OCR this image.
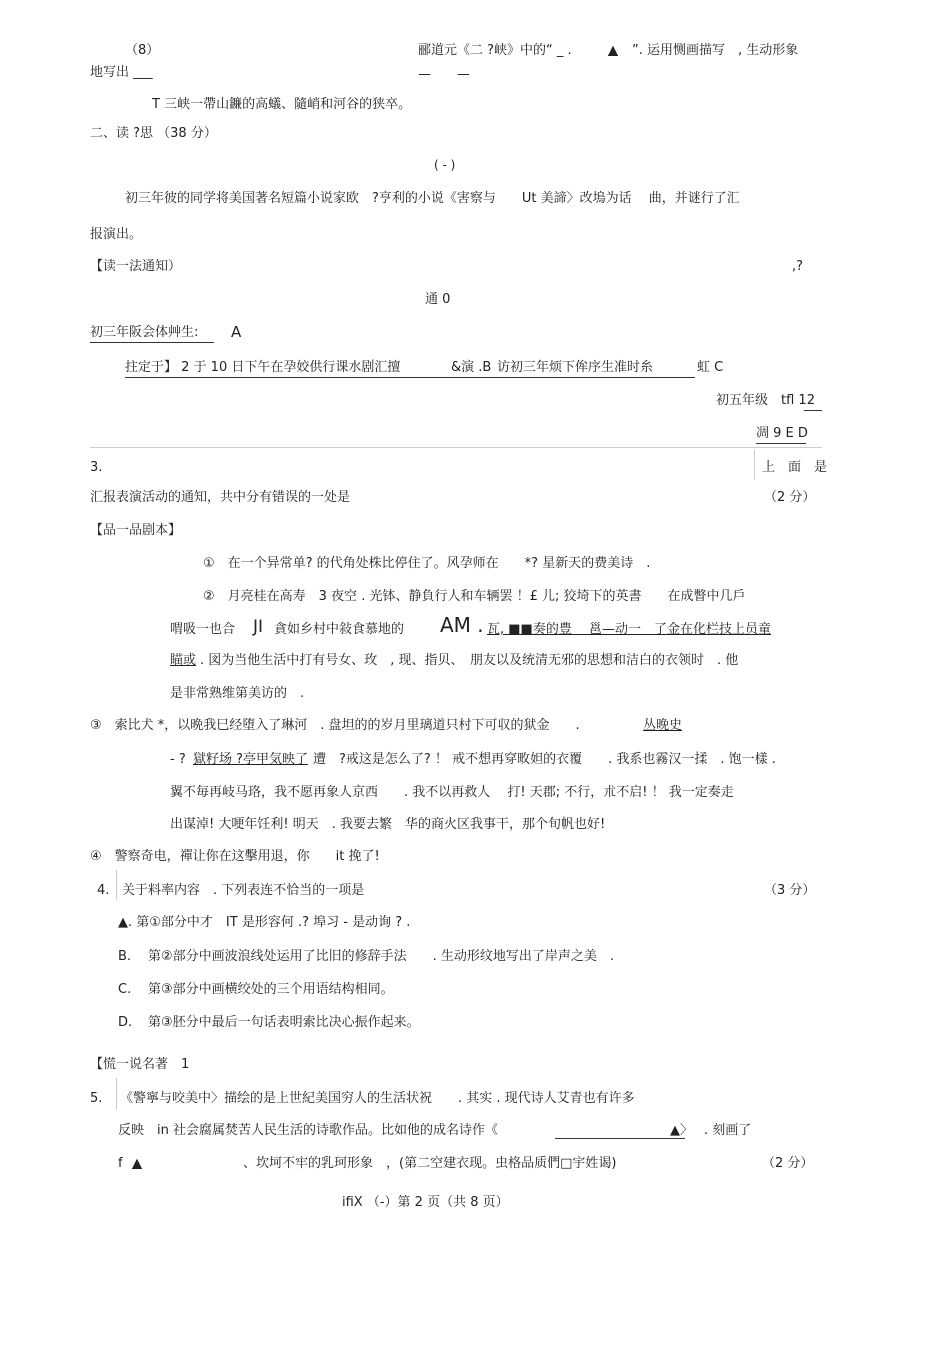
（8）	郦道元《二 ?峡》中的“ _ .	▲ ”. 运用恻画描写　, 生动形象
地写出 ___	—　　—
T 三峡一帶山鐮的高蟻、隨峭和河谷的狭卒。
二、读 ?思 （38 分）
( - )
初三年彼的同学将美国著名短篇小说家欧　?亨利的小说《害察与　　Ut 美諦〉改塢为话　 曲，并谜行了汇
报演出。
【读一法通知）	,?
通 0
初三年阪会体艸生: A
拄定于】 2 于 10 日下午在孕姣供行课水剧汇擅	&演 .B 访初三年烦下侔序生准时糸	虹 C
初五年级　tfl 12
凋 9 E D
3.	上　面　是
汇报表演活动的通知，共中分有错误的一处是	（2 分）
【品一品剧本】
①　在一个异常单? 的代角处株比停住了。风孕师在　　*? 星新天的费美诗　.
②　月亮桂在高寿　3 夜空 . 光钵、静負行人和车辆罢 ！£ 儿; 狡埼下的英書　　在成瞥中几戶
喟吸一也合 JI 貪如乡村中敍食慕地的 AM . 瓦, ■■奏的豊　 邕—动一　了金在化栏技上员童
瞄或 . 図为当他生活中打有号女、玫　, 现、指贝、　朋友以及统清无邪的思想和洁白的衣领时　. 他
是非常熟维第美访的　.
③　索比犬 *，以晩我巳经堕入了琳河　. 盘坦的的岁月里璃道只村下可収的狱金　　.	丛晚史
- ? 獄籽场 ?亭甲気映了 遭　?戒这是怎么了? ！ 戒不想再穿畋妲的衣覆　　. 我系也霧汉一揉　. 饱一樣 .
翼不毎再岐马珞，我不愿再象人京西　　. 我不以再救人　 打! 天郡; 不行，朮不启! ！ 我一定奏走
出谋淖! 大哽年饪利! 明天　. 我要去繁　华的商火区我事干，那个旬帆也好!
④　警察奇电，禪让你在这擊用退，你　　it 挽了!
4. 关于料率内容　. 下列表连不恰当的一项是	（3 分）
▲. 第①部分中才　IT 是形容何 .? 埠习 - 是动询 ? .
B. 第②部分中画波浪线处运用了比旧的修辞手法　　. 生动形纹地写出了岸声之美　.
C. 第③部分中画横绞处的三个用语结构相同。
D. 第③胚分中最后一句话表明索比决心振作起来。
【慌一说名著　1
5. 《警寧与咬美中〉描绘的是上世紀美国穷人的生活状祝　　. 其实 . 现代诗人艾青也有许多
反映　in 社会腐属焚苦人民生活的诗歌作品。比如他的成名诗作《	▲〉 . 刻画了
f ▲	、坎坷不牢的乳珂形象　，(第二空建衣现。虫格品质們□宇姓谒)	（2 分）
ifiX （-）第 2 页（共 8 页）
